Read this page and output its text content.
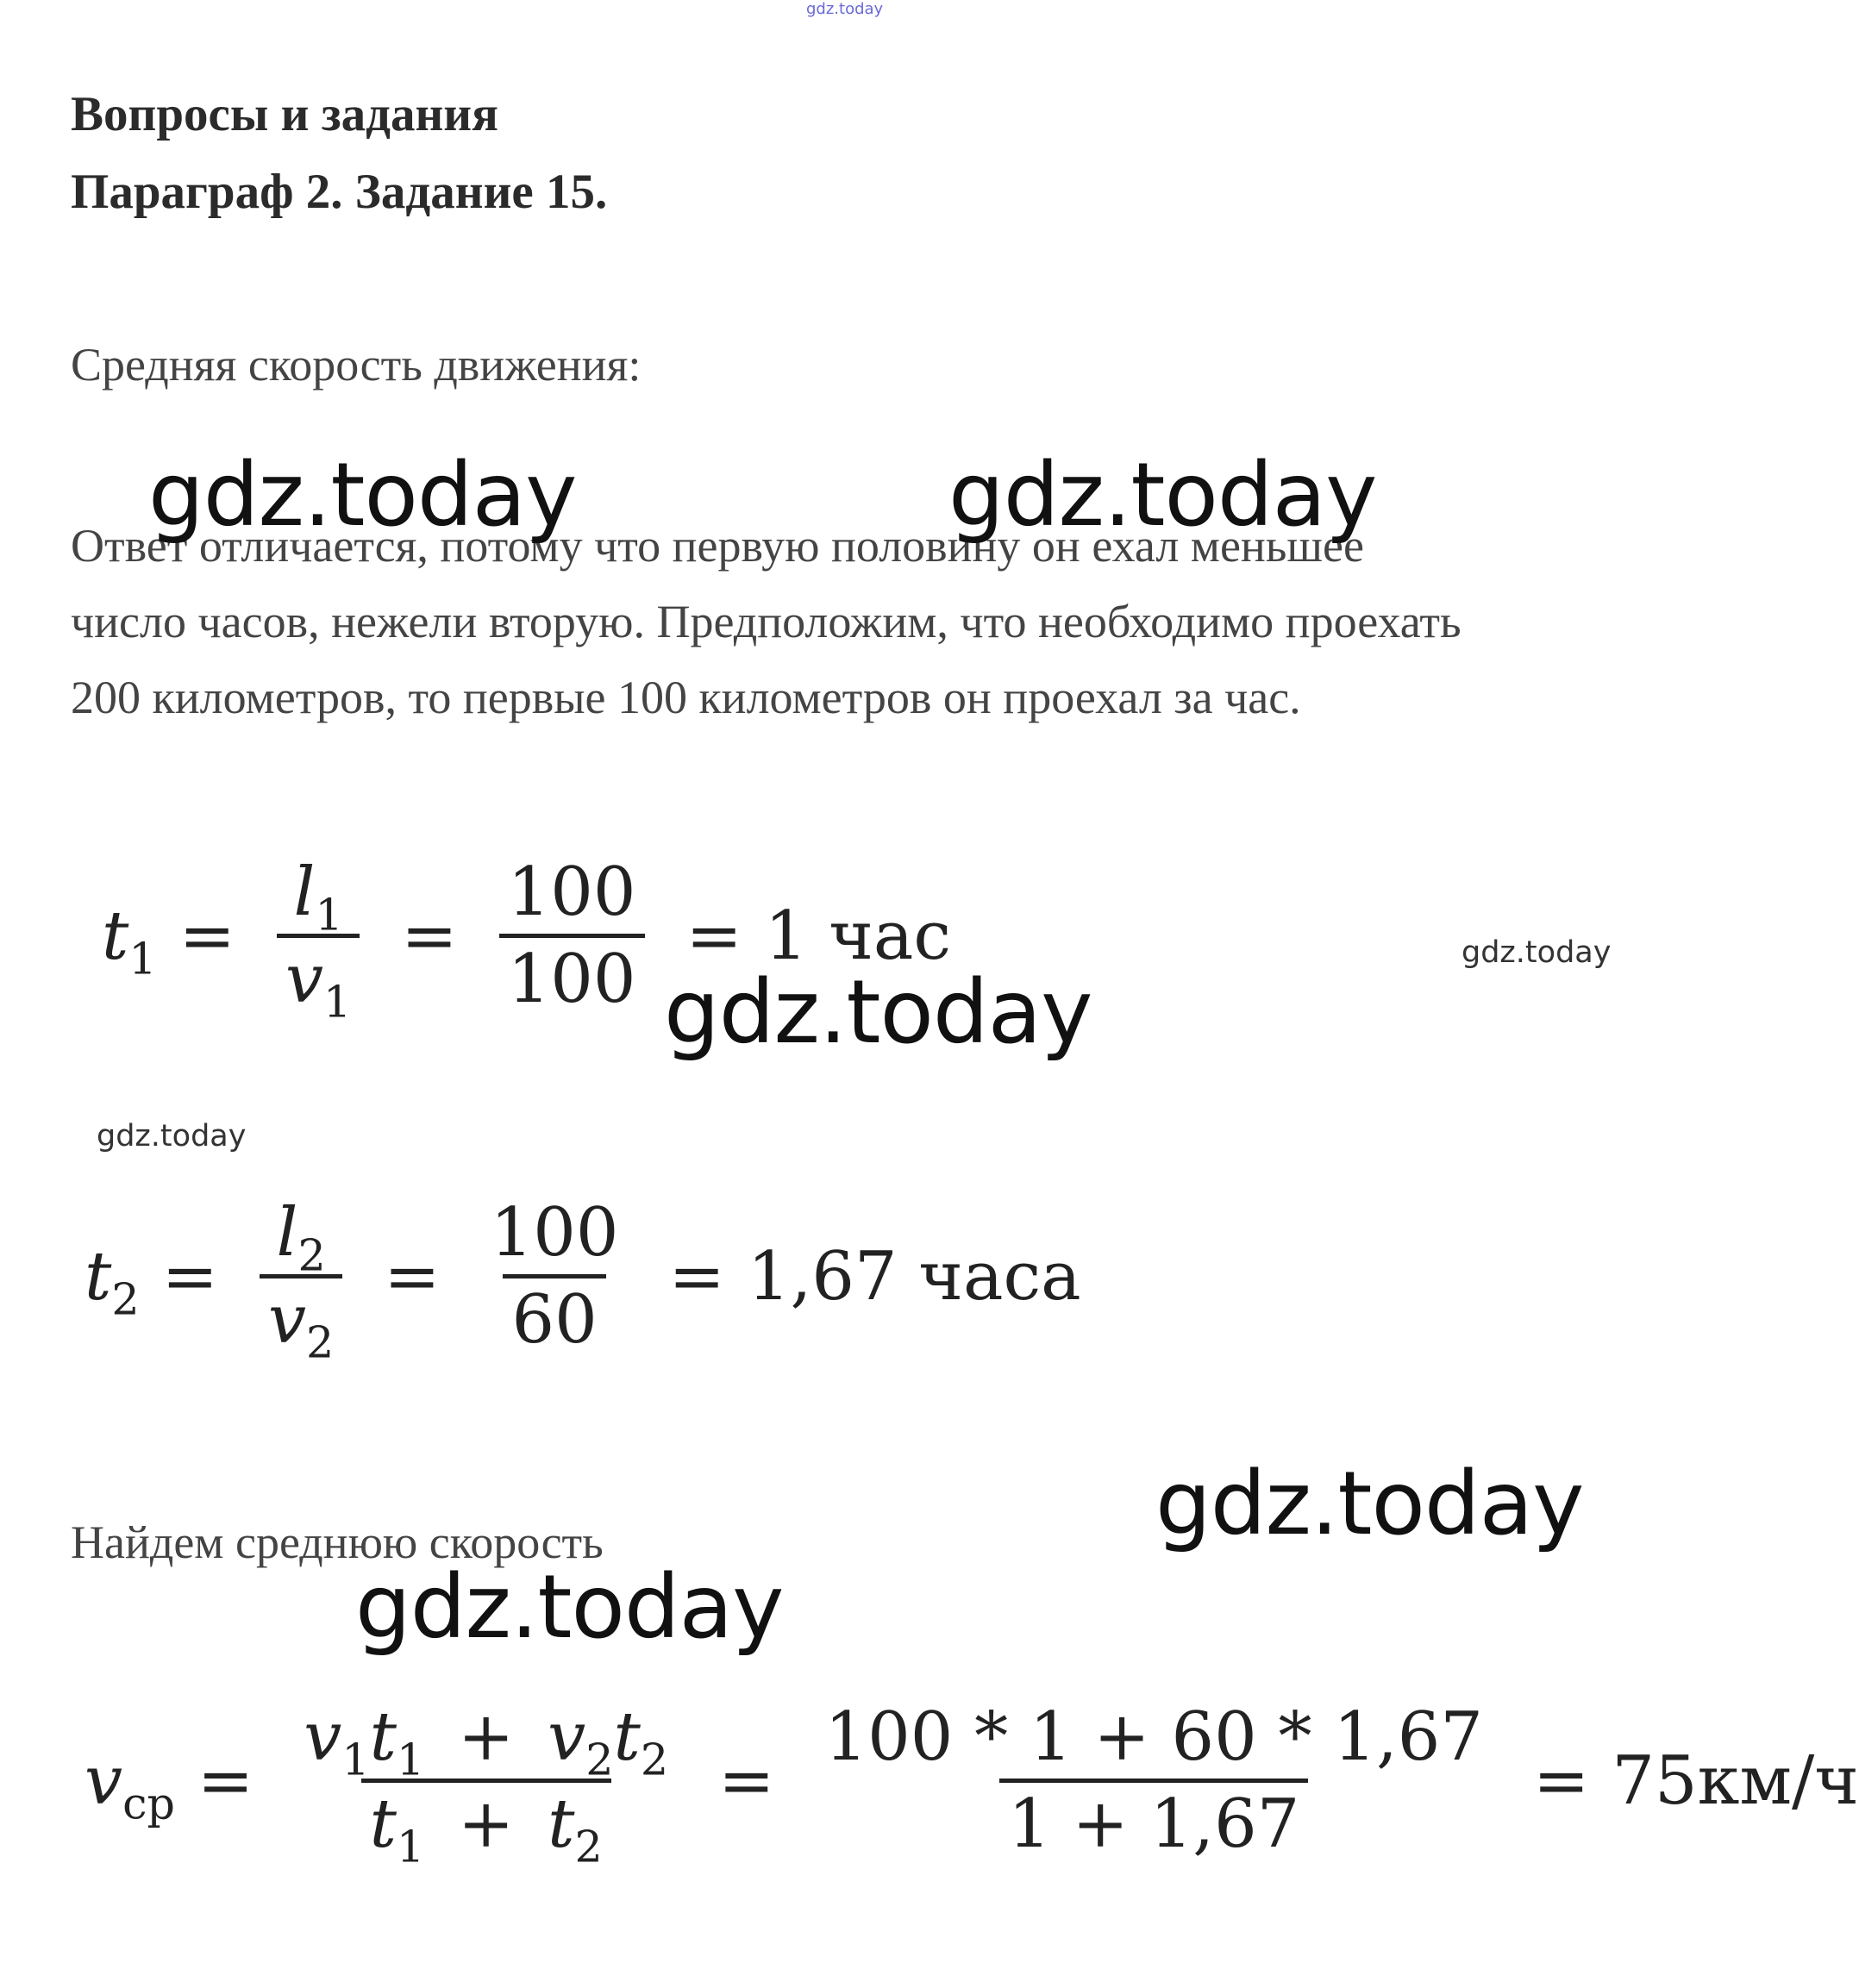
gdz.today
Вопросы и задания
Параграф 2. Задание 15.
Средняя скорость движения:
Ответ отличается, потому что первую половину он ехал меньшее
число часов, нежели вторую. Предположим, что необходимо проехать
200 километров, то первые 100 километров он проехал за час.
$t_1 = \frac{l_1}{v_1} = \frac{100}{100} = 1$ час
$t_2 = \frac{l_2}{v_2} = \frac{100}{60} = 1,67$ часа
Найдем среднюю скорость
$v_{ср} = \frac{v_1t_1 + v_2t_2}{t_1 + t_2} = \frac{100 * 1 + 60 * 1,67}{1 + 1,67} = 75км/ч$
gdz.today	gdz.today
gdz.today
gdz.today
gdz.today
gdz.today
gdz.today
